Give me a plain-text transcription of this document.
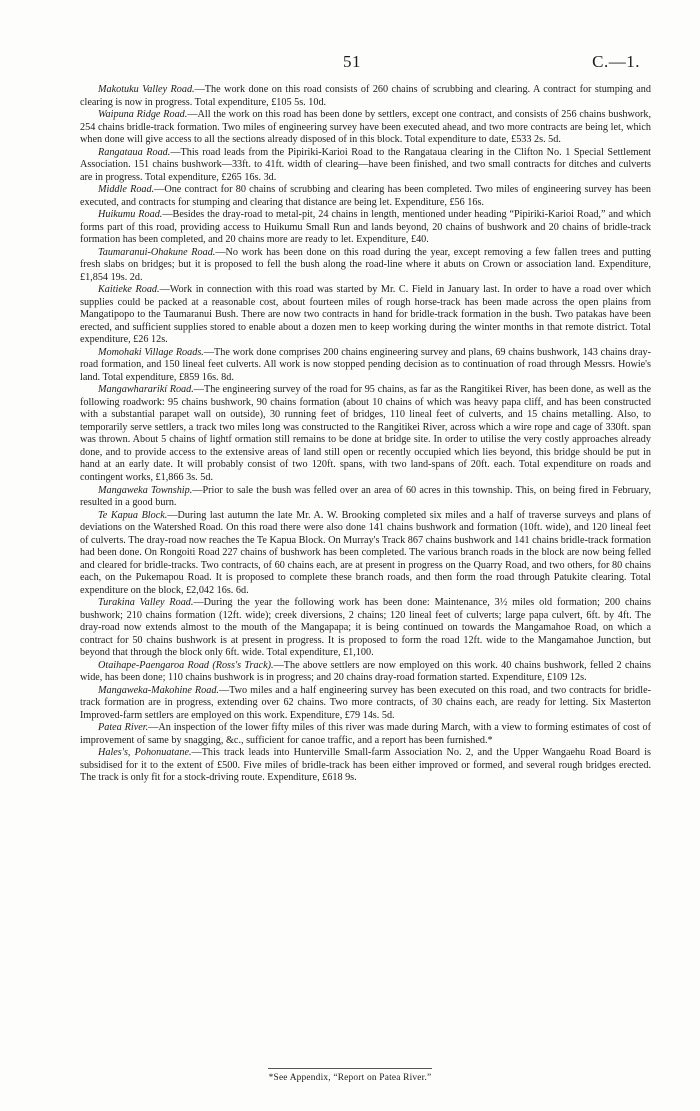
51	C.—1.

Makotuku Valley Road.—The work done on this road consists of 260 chains of scrubbing and clearing. A contract for stumping and clearing is now in progress. Total expenditure, £105 5s. 10d.

Waipuna Ridge Road.—All the work on this road has been done by settlers, except one contract, and consists of 256 chains bushwork, 254 chains bridle-track formation. Two miles of engineering survey have been executed ahead, and two more contracts are being let, which when done will give access to all the sections already disposed of in this block. Total expenditure to date, £533 2s. 5d.

Rangataua Road.—This road leads from the Pipiriki-Karioi Road to the Rangataua clearing in the Clifton No. 1 Special Settlement Association. 151 chains bushwork—33ft. to 41ft. width of clearing—have been finished, and two small contracts for ditches and culverts are in progress. Total expenditure, £265 16s. 3d.

Middle Road.—One contract for 80 chains of scrubbing and clearing has been completed. Two miles of engineering survey has been executed, and contracts for stumping and clearing that distance are being let. Expenditure, £56 16s.

Huikumu Road.—Besides the dray-road to metal-pit, 24 chains in length, mentioned under heading “Pipiriki-Karioi Road,” and which forms part of this road, providing access to Huikumu Small Run and lands beyond, 20 chains of bushwork and 20 chains of bridle-track formation has been completed, and 20 chains more are ready to let. Expenditure, £40.

Taumaranui-Ohakune Road.—No work has been done on this road during the year, except removing a few fallen trees and putting fresh slabs on bridges; but it is proposed to fell the bush along the road-line where it abuts on Crown or association land. Expenditure, £1,854 19s. 2d.

Kaitieke Road.—Work in connection with this road was started by Mr. C. Field in January last. In order to have a road over which supplies could be packed at a reasonable cost, about fourteen miles of rough horse-track has been made across the open plains from Mangatipopo to the Taumaranui Bush. There are now two contracts in hand for bridle-track formation in the bush. Two patakas have been erected, and sufficient supplies stored to enable about a dozen men to keep working during the winter months in that remote district. Total expenditure, £26 12s.

Momohaki Village Roads.—The work done comprises 200 chains engineering survey and plans, 69 chains bushwork, 143 chains dray-road formation, and 150 lineal feet culverts. All work is now stopped pending decision as to continuation of road through Messrs. Howie's land. Total expenditure, £859 16s. 8d.

Mangawhararikí Road.—The engineering survey of the road for 95 chains, as far as the Rangitikei River, has been done, as well as the following roadwork: 95 chains bushwork, 90 chains formation (about 10 chains of which was heavy papa cliff, and has been constructed with a substantial parapet wall on outside), 30 running feet of bridges, 110 lineal feet of culverts, and 15 chains metalling. Also, to temporarily serve settlers, a track two miles long was constructed to the Rangitikei River, across which a wire rope and cage of 330ft. span was thrown. About 5 chains of lightf ormation still remains to be done at bridge site. In order to utilise the very costly approaches already done, and to provide access to the extensive areas of land still open or recently occupied which lies beyond, this bridge should be put in hand at an early date. It will probably consist of two 120ft. spans, with two land-spans of 20ft. each. Total expenditure on roads and contingent works, £1,866 3s. 5d.

Mangaweka Township.—Prior to sale the bush was felled over an area of 60 acres in this township. This, on being fired in February, resulted in a good burn.

Te Kapua Block.—During last autumn the late Mr. A. W. Brooking completed six miles and a half of traverse surveys and plans of deviations on the Watershed Road. On this road there were also done 141 chains bushwork and formation (10ft. wide), and 120 lineal feet of culverts. The dray-road now reaches the Te Kapua Block. On Murray's Track 867 chains bushwork and 141 chains bridle-track formation had been done. On Rongoiti Road 227 chains of bushwork has been completed. The various branch roads in the block are now being felled and cleared for bridle-tracks. Two contracts, of 60 chains each, are at present in progress on the Quarry Road, and two others, for 80 chains each, on the Pukemapou Road. It is proposed to complete these branch roads, and then form the road through Patukite clearing. Total expenditure on the block, £2,042 16s. 6d.

Turakina Valley Road.—During the year the following work has been done: Maintenance, 3½ miles old formation; 200 chains bushwork; 210 chains formation (12ft. wide); creek diversions, 2 chains; 120 lineal feet of culverts; large papa culvert, 6ft. by 4ft. The dray-road now extends almost to the mouth of the Mangapapa; it is being continued on towards the Mangamahoe Road, on which a contract for 50 chains bushwork is at present in progress. It is proposed to form the road 12ft. wide to the Mangamahoe Junction, but beyond that through the block only 6ft. wide. Total expenditure, £1,100.

Otaihape-Paengaroa Road (Ross's Track).—The above settlers are now employed on this work. 40 chains bushwork, felled 2 chains wide, has been done; 110 chains bushwork is in progress; and 20 chains dray-road formation started. Expenditure, £109 12s.

Mangaweka-Makohine Road.—Two miles and a half engineering survey has been executed on this road, and two contracts for bridle-track formation are in progress, extending over 62 chains. Two more contracts, of 30 chains each, are ready for letting. Six Masterton Improved-farm settlers are employed on this work. Expenditure, £79 14s. 5d.

Patea River.—An inspection of the lower fifty miles of this river was made during March, with a view to forming estimates of cost of improvement of same by snagging, &c., sufficient for canoe traffic, and a report has been furnished.*

Hales's, Pohonuatane.—This track leads into Hunterville Small-farm Association No. 2, and the Upper Wangaehu Road Board is subsidised for it to the extent of £500. Five miles of bridle-track has been either improved or formed, and several rough bridges erected. The track is only fit for a stock-driving route. Expenditure, £618 9s.

*See Appendix, “Report on Patea River.”
